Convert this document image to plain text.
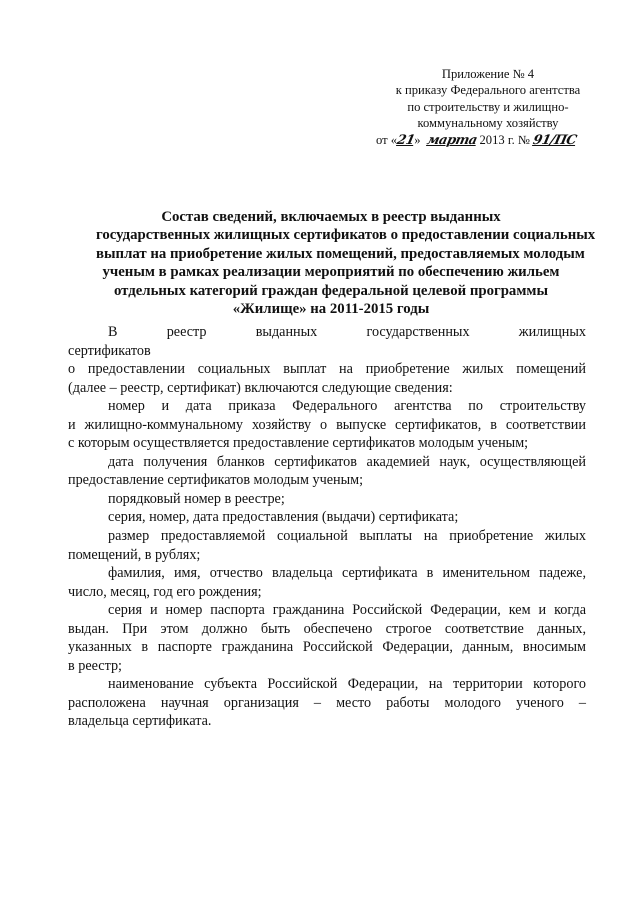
Приложение № 4
к приказу Федерального агентства
по строительству и жилищно-
коммунальному хозяйству
от «21» марта 2013 г. № 91/ПС
Состав сведений, включаемых в реестр выданных
государственных жилищных сертификатов о предоставлении социальных
выплат на приобретение жилых помещений, предоставляемых молодым
ученым в рамках реализации мероприятий по обеспечению жильем
отдельных категорий граждан федеральной целевой программы
«Жилище» на 2011-2015 годы
В реестр выданных государственных жилищных сертификатов
о предоставлении социальных выплат на приобретение жилых помещений
(далее – реестр, сертификат) включаются следующие сведения:
номер и дата приказа Федерального агентства по строительству
и жилищно-коммунальному хозяйству о выпуске сертификатов, в соответствии
с которым осуществляется предоставление сертификатов молодым ученым;
дата получения бланков сертификатов академией наук, осуществляющей
предоставление сертификатов молодым ученым;
порядковый номер в реестре;
серия, номер, дата предоставления (выдачи) сертификата;
размер предоставляемой социальной выплаты на приобретение жилых
помещений, в рублях;
фамилия, имя, отчество владельца сертификата в именительном падеже,
число, месяц, год его рождения;
серия и номер паспорта гражданина Российской Федерации, кем и когда
выдан. При этом должно быть обеспечено строгое соответствие данных,
указанных в паспорте гражданина Российской Федерации, данным, вносимым
в реестр;
наименование субъекта Российской Федерации, на территории которого
расположена научная организация – место работы молодого ученого –
владельца сертификата.
